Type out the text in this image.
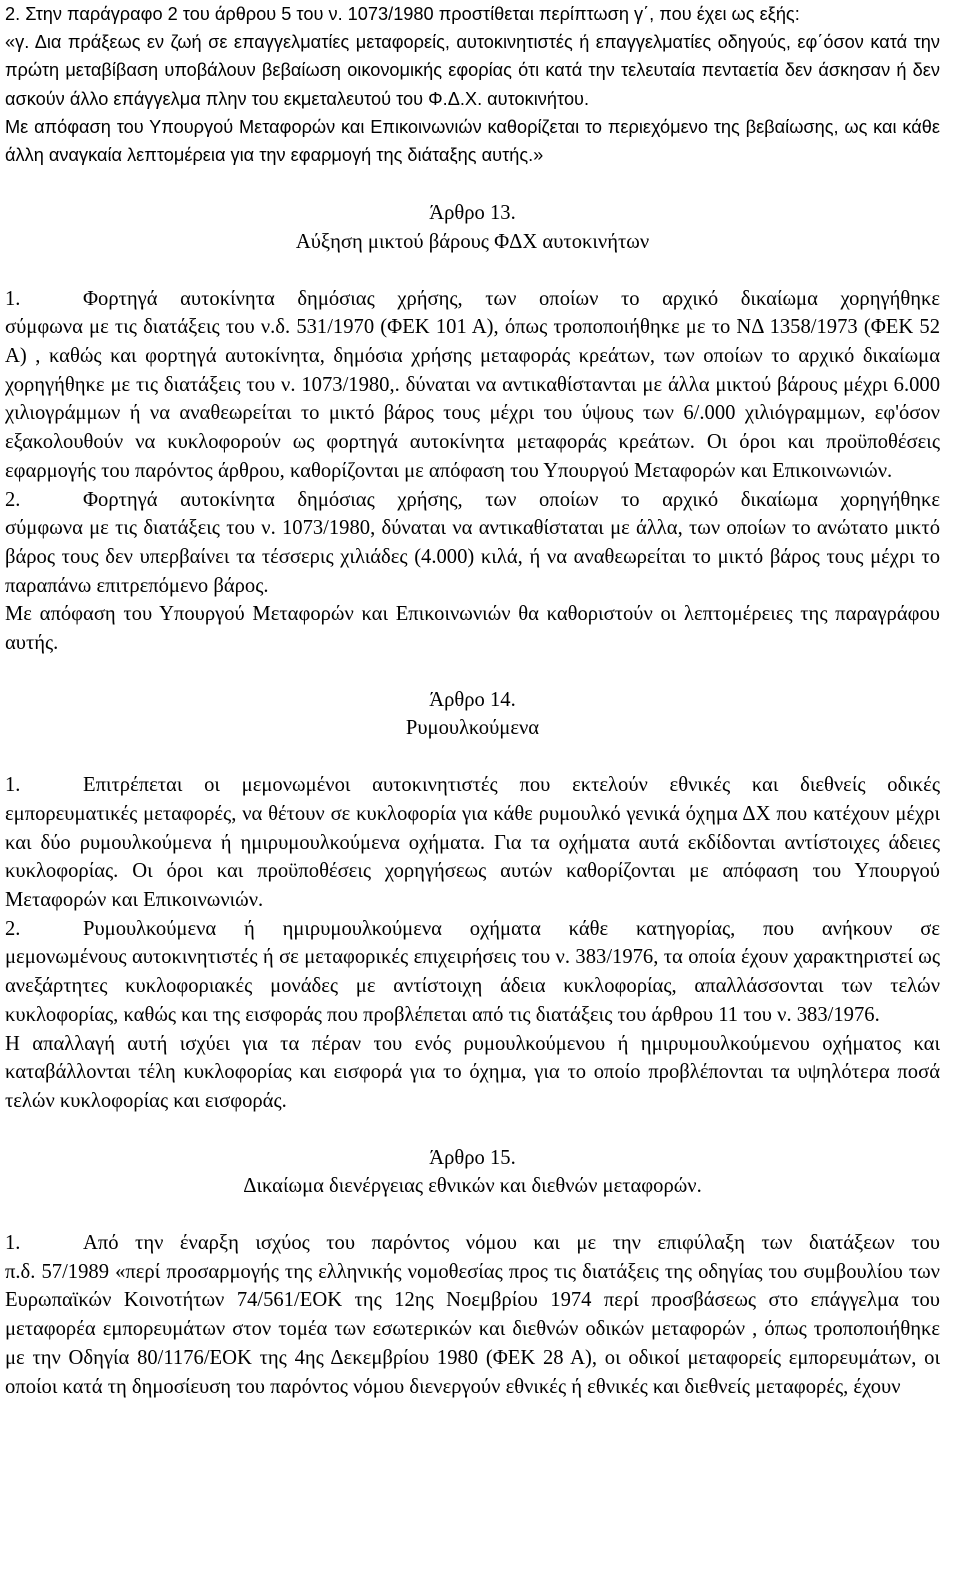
2. Στην παράγραφο 2 του άρθρου 5 του ν. 1073/1980 προστίθεται περίπτωση γ΄, που έχει ως εξής:

«γ. Δια πράξεως εν ζωή σε επαγγελματίες μεταφορείς, αυτοκινητιστές ή επαγγελματίες οδηγούς, εφ΄όσον κατά την πρώτη μεταβίβαση υποβάλουν βεβαίωση οικονομικής εφορίας ότι κατά την τελευταία πενταετία δεν άσκησαν ή δεν ασκούν άλλο επάγγελμα πλην του εκμεταλευτού του Φ.Δ.Χ. αυτοκινήτου.

Με απόφαση του Υπουργού Μεταφορών και Επικοινωνιών καθορίζεται το περιεχόμενο της βεβαίωσης, ως και κάθε άλλη αναγκαία λεπτομέρεια για την εφαρμογή της διάταξης αυτής.»

Άρθρο 13.

Αύξηση μικτού βάρους ΦΔΧ αυτοκινήτων

1.	Φορτηγά αυτοκίνητα δημόσιας χρήσης, των οποίων το αρχικό δικαίωμα χορηγήθηκε

σύμφωνα με τις διατάξεις του ν.δ. 531/1970 (ΦΕΚ 101 Α), όπως τροποποιήθηκε με το ΝΔ 1358/1973 (ΦΕΚ 52 Α) , καθώς και φορτηγά αυτοκίνητα, δημόσια χρήσης μεταφοράς κρεάτων, των οποίων το αρχικό δικαίωμα χορηγήθηκε με τις διατάξεις του ν. 1073/1980,. δύναται να αντικαθίστανται με άλλα μικτού βάρους μέχρι 6.000 χιλιογράμμων ή να αναθεωρείται το μικτό βάρος τους μέχρι του ύψους των 6/.000 χιλιόγραμμων, εφ'όσον εξακολουθούν να κυκλοφορούν ως φορτηγά αυτοκίνητα μεταφοράς κρεάτων. Οι όροι και προϋποθέσεις εφαρμογής του παρόντος άρθρου, καθορίζονται με απόφαση του Υπουργού Μεταφορών και Επικοινωνιών.

2.	Φορτηγά αυτοκίνητα δημόσιας χρήσης, των οποίων το αρχικό δικαίωμα χορηγήθηκε

σύμφωνα με τις διατάξεις του ν. 1073/1980, δύναται να αντικαθίσταται με άλλα, των οποίων το ανώτατο μικτό βάρος τους δεν υπερβαίνει τα τέσσερις χιλιάδες (4.000) κιλά, ή να αναθεωρείται το μικτό βάρος τους μέχρι το παραπάνω επιτρεπόμενο βάρος.

Με απόφαση του Υπουργού Μεταφορών και Επικοινωνιών θα καθοριστούν οι λεπτομέρειες της παραγράφου αυτής.

Άρθρο 14.

Ρυμουλκούμενα

1.	Επιτρέπεται οι μεμονωμένοι αυτοκινητιστές που εκτελούν εθνικές και διεθνείς οδικές

εμπορευματικές μεταφορές, να θέτουν σε κυκλοφορία για κάθε ρυμουλκό γενικά όχημα ΔΧ που κατέχουν μέχρι και δύο ρυμουλκούμενα ή ημιρυμουλκούμενα οχήματα. Για τα οχήματα αυτά εκδίδονται αντίστοιχες άδειες κυκλοφορίας. Οι όροι και προϋποθέσεις χορηγήσεως αυτών καθορίζονται με απόφαση του Υπουργού Μεταφορών και Επικοινωνιών.

2.	Ρυμουλκούμενα ή ημιρυμουλκούμενα οχήματα κάθε κατηγορίας, που ανήκουν σε

μεμονωμένους αυτοκινητιστές ή σε μεταφορικές επιχειρήσεις του ν. 383/1976, τα οποία έχουν χαρακτηριστεί ως ανεξάρτητες κυκλοφοριακές μονάδες με αντίστοιχη άδεια κυκλοφορίας, απαλλάσσονται των τελών κυκλοφορίας, καθώς και της εισφοράς που προβλέπεται από τις διατάξεις του άρθρου 11 του ν. 383/1976.

Η απαλλαγή αυτή ισχύει για τα πέραν του ενός ρυμουλκούμενου ή ημιρυμουλκούμενου οχήματος και καταβάλλονται τέλη κυκλοφορίας και εισφορά για το όχημα, για το οποίο προβλέπονται τα υψηλότερα ποσά τελών κυκλοφορίας και εισφοράς.

Άρθρο 15.

Δικαίωμα διενέργειας εθνικών και διεθνών μεταφορών.

1.	Από την έναρξη ισχύος του παρόντος νόμου και με την επιφύλαξη των διατάξεων του

π.δ. 57/1989 «περί προσαρμογής της ελληνικής νομοθεσίας προς τις διατάξεις της οδηγίας του συμβουλίου των Ευρωπαϊκών Κοινοτήτων 74/561/ΕΟΚ της 12ης Νοεμβρίου 1974 περί προσβάσεως στο επάγγελμα του μεταφορέα εμπορευμάτων στον τομέα των εσωτερικών και διεθνών οδικών μεταφορών , όπως τροποποιήθηκε με την Οδηγία 80/1176/ΕΟΚ της 4ης Δεκεμβρίου 1980 (ΦΕΚ 28 Α), οι οδικοί μεταφορείς εμπορευμάτων, οι οποίοι κατά τη δημοσίευση του παρόντος νόμου διενεργούν εθνικές ή εθνικές και διεθνείς μεταφορές, έχουν
